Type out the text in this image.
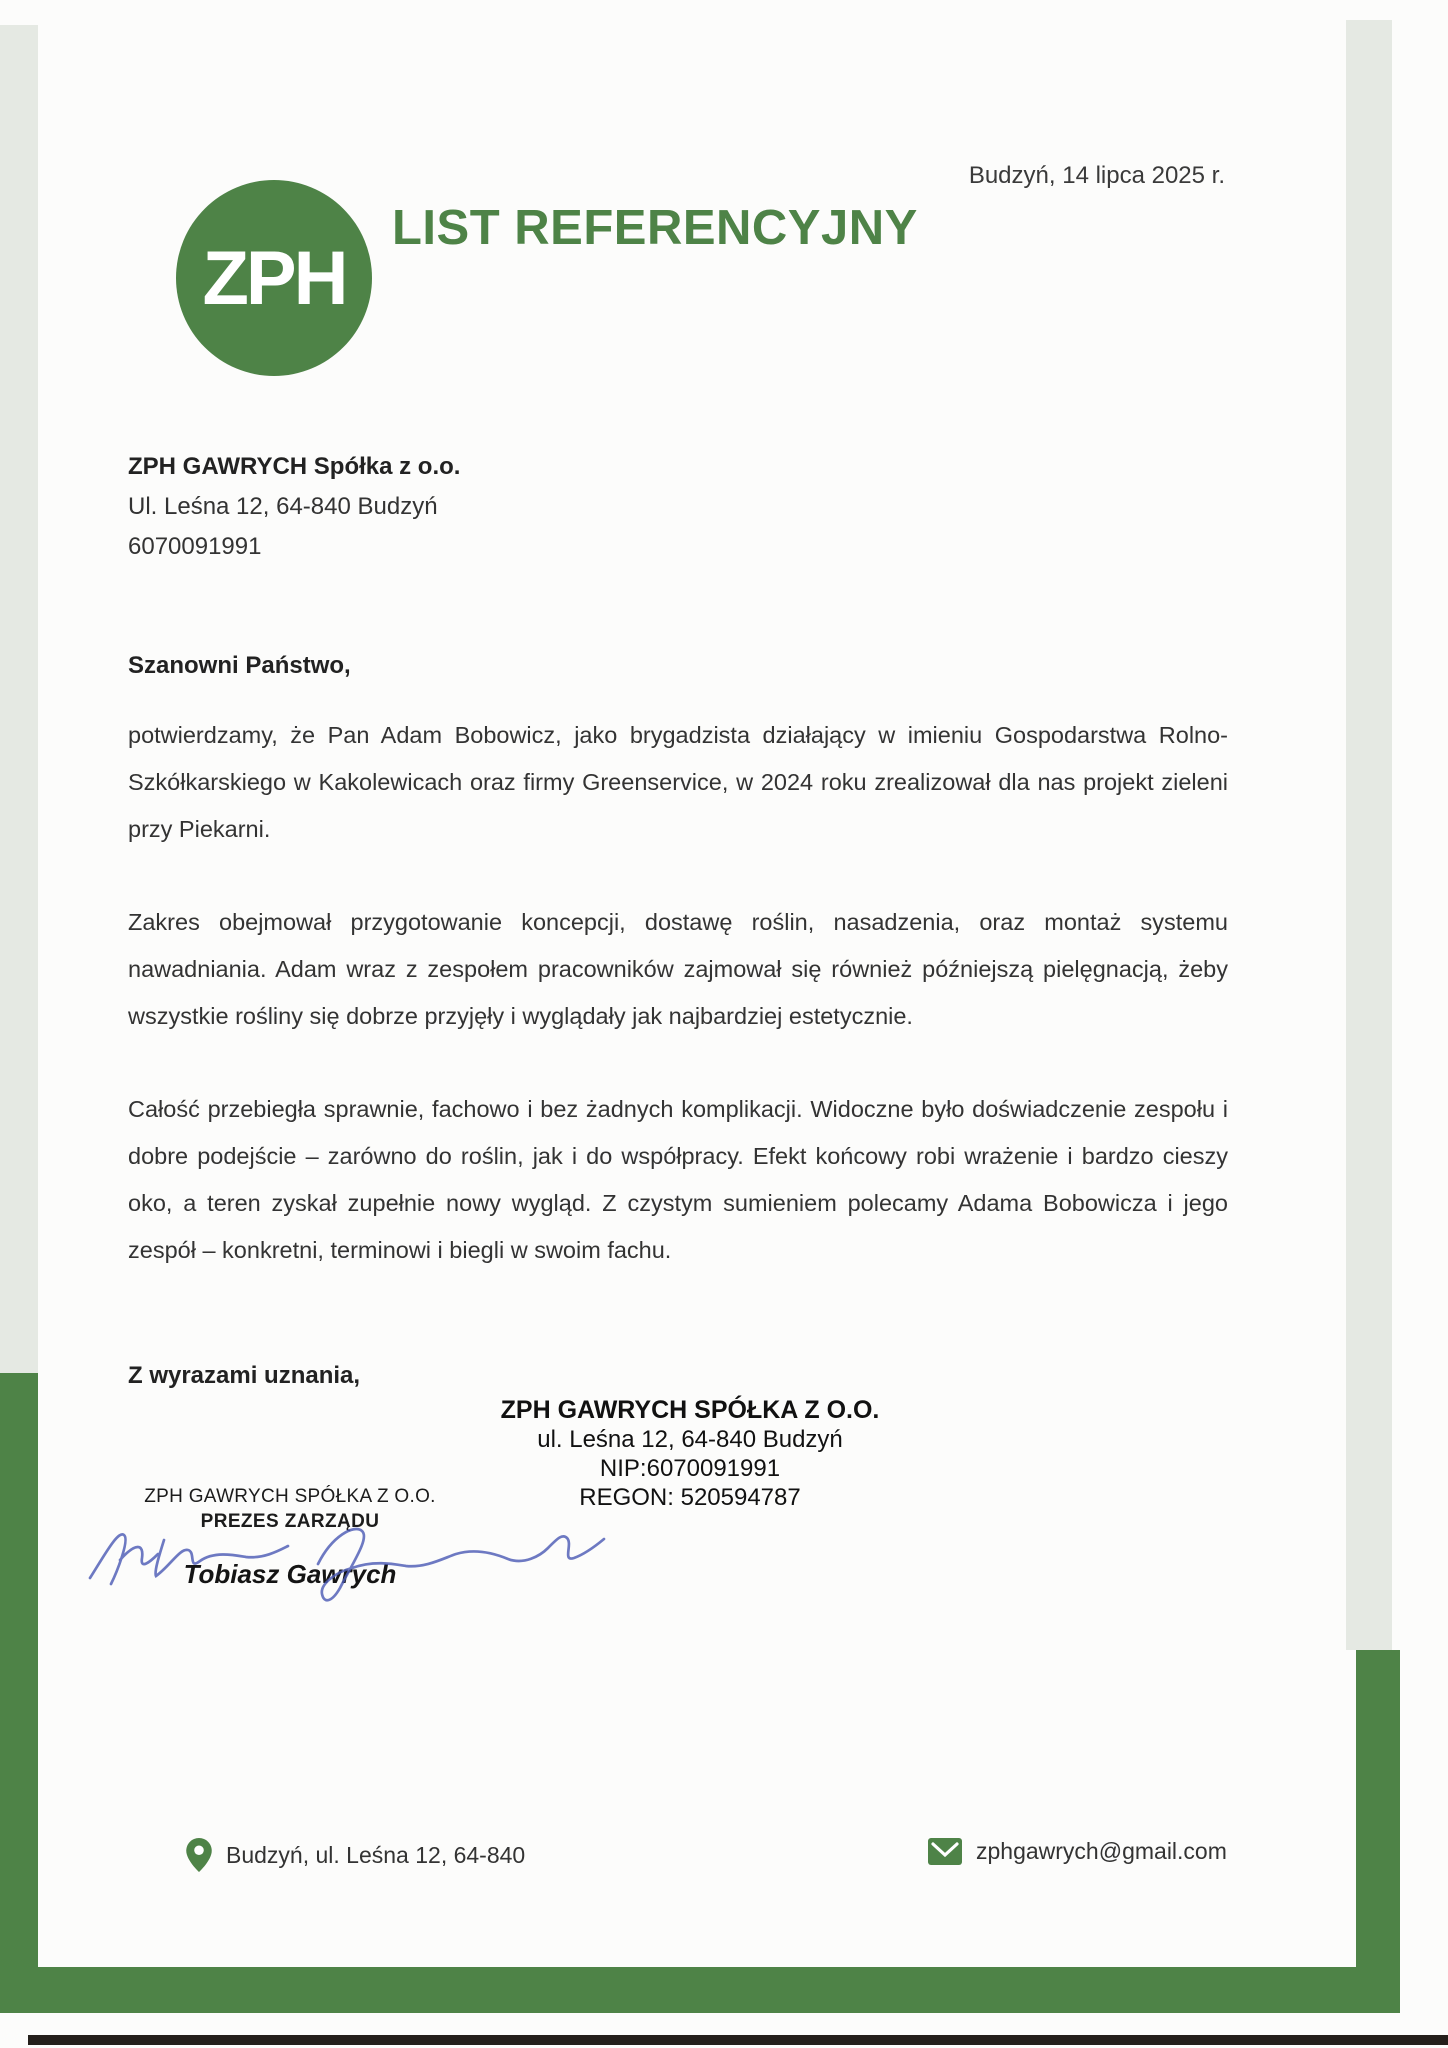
ZPH
Budzyń, 14 lipca 2025 r.
LIST REFERENCYJNY
ZPH GAWRYCH Spółka z o.o.
Ul. Leśna 12, 64-840 Budzyń
6070091991
Szanowni Państwo,

potwierdzamy, że Pan Adam Bobowicz, jako brygadzista działający w imieniu Gospodarstwa Rolno-Szkółkarskiego w Kakolewicach oraz firmy Greenservice, w 2024 roku zrealizował dla nas projekt zieleni przy Piekarni.

Zakres obejmował przygotowanie koncepcji, dostawę roślin, nasadzenia, oraz montaż systemu nawadniania. Adam wraz z zespołem pracowników zajmował się również późniejszą pielęgnacją, żeby wszystkie rośliny się dobrze przyjęły i wyglądały jak najbardziej estetycznie.

Całość przebiegła sprawnie, fachowo i bez żadnych komplikacji. Widoczne było doświadczenie zespołu i dobre podejście – zarówno do roślin, jak i do współpracy. Efekt końcowy robi wrażenie i bardzo cieszy oko, a teren zyskał zupełnie nowy wygląd. Z czystym sumieniem polecamy Adama Bobowicza i jego zespół – konkretni, terminowi i biegli w swoim fachu.

Z wyrazami uznania,
ZPH GAWRYCH SPÓŁKA Z O.O.
ul. Leśna 12, 64-840 Budzyń
NIP:6070091991
REGON: 520594787
ZPH GAWRYCH SPÓŁKA Z O.O.
PREZES ZARZĄDU
Tobiasz Gawrych
Budzyń, ul. Leśna 12, 64-840	zphgawrych@gmail.com
